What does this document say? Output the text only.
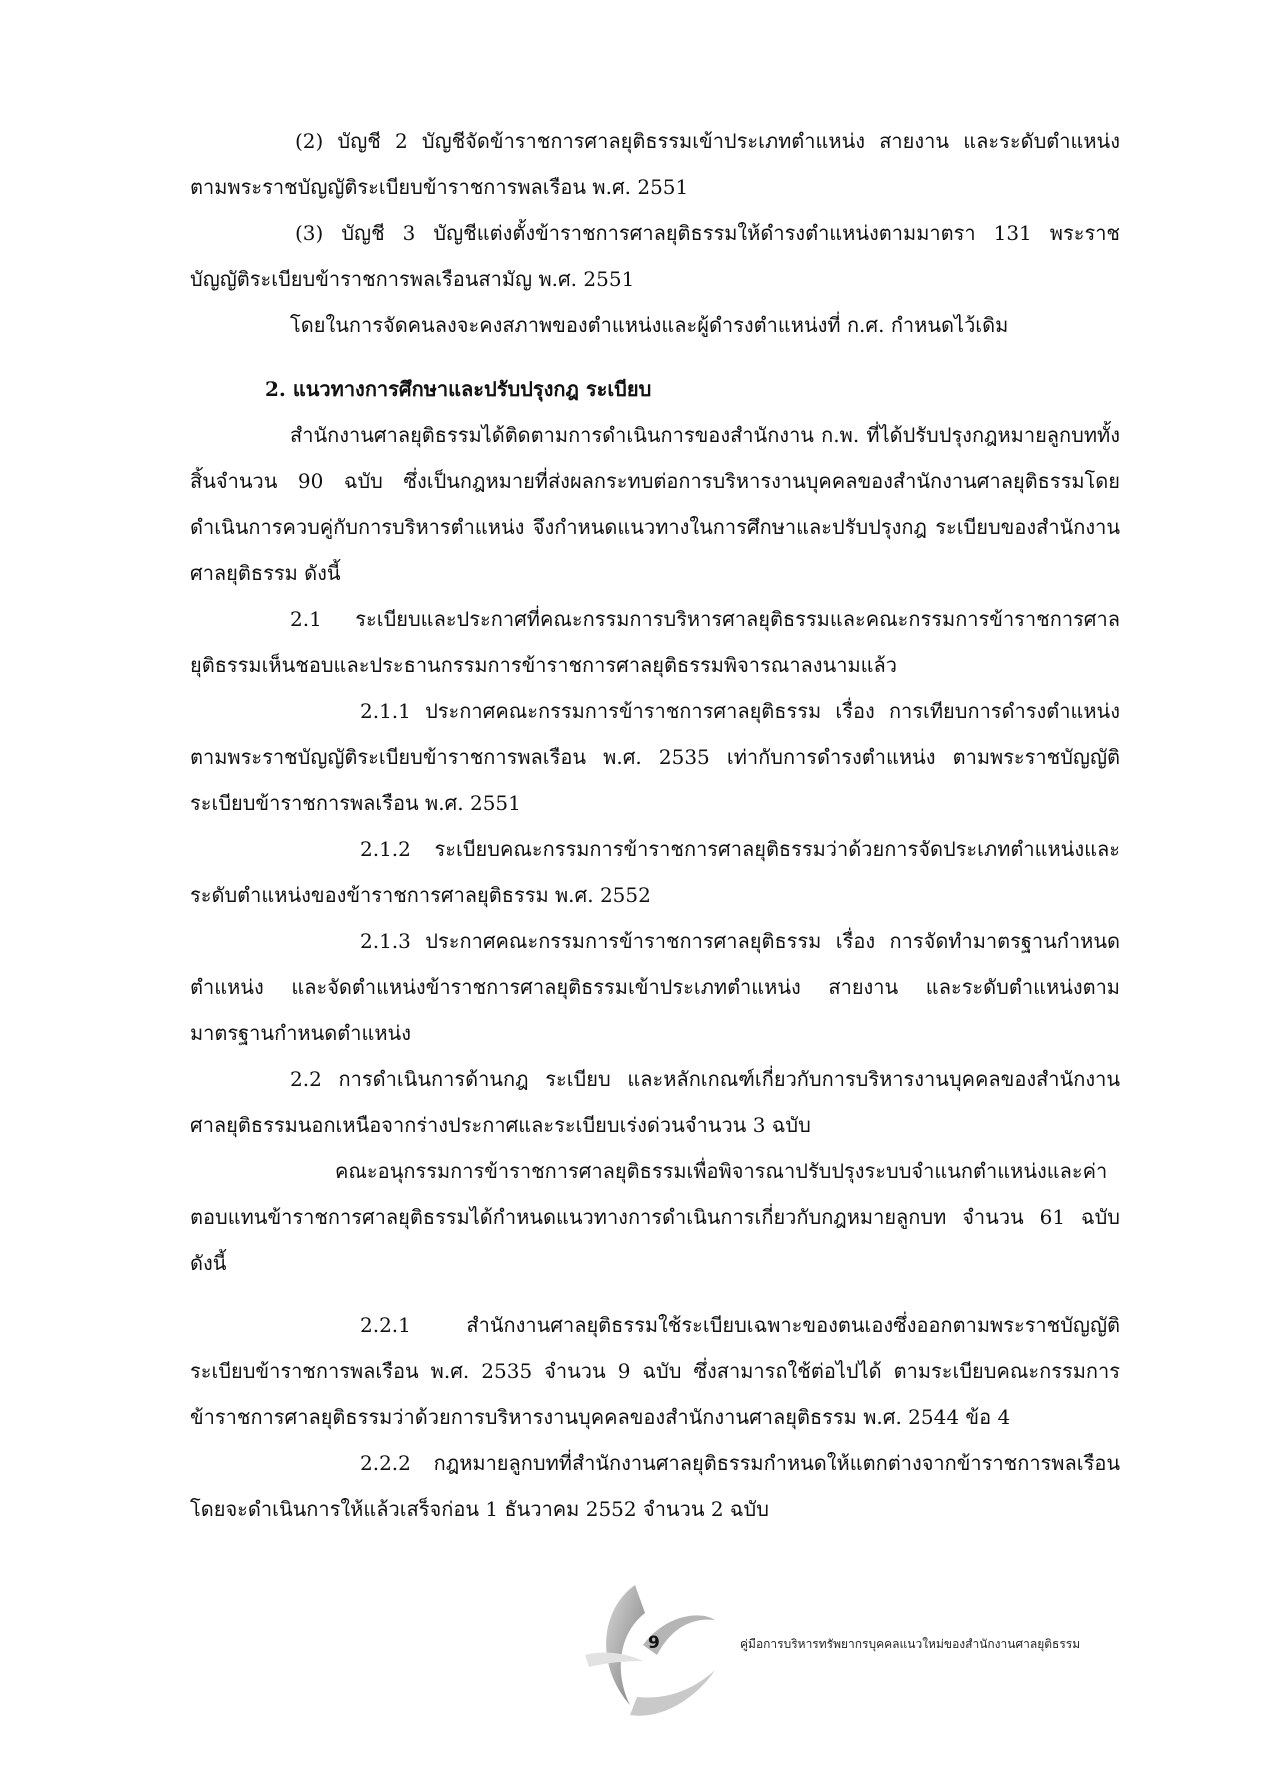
(2) บัญชี 2 บัญชีจัดข้าราชการศาลยุติธรรมเข้าประเภทตำแหน่ง สายงาน และระดับตำแหน่งตามพระราชบัญญัติระเบียบข้าราชการพลเรือน พ.ศ. 2551

(3) บัญชี 3 บัญชีแต่งตั้งข้าราชการศาลยุติธรรมให้ดำรงตำแหน่งตามมาตรา 131 พระราชบัญญัติระเบียบข้าราชการพลเรือนสามัญ พ.ศ. 2551

โดยในการจัดคนลงจะคงสภาพของตำแหน่งและผู้ดำรงตำแหน่งที่ ก.ศ. กำหนดไว้เดิม

2. แนวทางการศึกษาและปรับปรุงกฎ ระเบียบ

สำนักงานศาลยุติธรรมได้ติดตามการดำเนินการของสำนักงาน ก.พ. ที่ได้ปรับปรุงกฎหมายลูกบททั้งสิ้นจำนวน 90 ฉบับ ซึ่งเป็นกฎหมายที่ส่งผลกระทบต่อการบริหารงานบุคคลของสำนักงานศาลยุติธรรมโดยดำเนินการควบคู่กับการบริหารตำแหน่ง จึงกำหนดแนวทางในการศึกษาและปรับปรุงกฎ ระเบียบของสำนักงานศาลยุติธรรม ดังนี้

2.1 ระเบียบและประกาศที่คณะกรรมการบริหารศาลยุติธรรมและคณะกรรมการข้าราชการศาลยุติธรรมเห็นชอบและประธานกรรมการข้าราชการศาลยุติธรรมพิจารณาลงนามแล้ว

2.1.1 ประกาศคณะกรรมการข้าราชการศาลยุติธรรม เรื่อง การเทียบการดำรงตำแหน่งตามพระราชบัญญัติระเบียบข้าราชการพลเรือน พ.ศ. 2535 เท่ากับการดำรงตำแหน่ง ตามพระราชบัญญัติระเบียบข้าราชการพลเรือน พ.ศ. 2551

2.1.2 ระเบียบคณะกรรมการข้าราชการศาลยุติธรรมว่าด้วยการจัดประเภทตำแหน่งและระดับตำแหน่งของข้าราชการศาลยุติธรรม พ.ศ. 2552

2.1.3 ประกาศคณะกรรมการข้าราชการศาลยุติธรรม เรื่อง การจัดทำมาตรฐานกำหนดตำแหน่ง และจัดตำแหน่งข้าราชการศาลยุติธรรมเข้าประเภทตำแหน่ง สายงาน และระดับตำแหน่งตามมาตรฐานกำหนดตำแหน่ง

2.2 การดำเนินการด้านกฎ ระเบียบ และหลักเกณฑ์เกี่ยวกับการบริหารงานบุคคลของสำนักงานศาลยุติธรรมนอกเหนือจากร่างประกาศและระเบียบเร่งด่วนจำนวน 3 ฉบับ

คณะอนุกรรมการข้าราชการศาลยุติธรรมเพื่อพิจารณาปรับปรุงระบบจำแนกตำแหน่งและค่าตอบแทนข้าราชการศาลยุติธรรมได้กำหนดแนวทางการดำเนินการเกี่ยวกับกฎหมายลูกบท จำนวน 61 ฉบับ ดังนี้

2.2.1 สำนักงานศาลยุติธรรมใช้ระเบียบเฉพาะของตนเองซึ่งออกตามพระราชบัญญัติระเบียบข้าราชการพลเรือน พ.ศ. 2535 จำนวน 9 ฉบับ ซึ่งสามารถใช้ต่อไปได้ ตามระเบียบคณะกรรมการข้าราชการศาลยุติธรรมว่าด้วยการบริหารงานบุคคลของสำนักงานศาลยุติธรรม พ.ศ. 2544 ข้อ 4

2.2.2 กฎหมายลูกบทที่สำนักงานศาลยุติธรรมกำหนดให้แตกต่างจากข้าราชการพลเรือนโดยจะดำเนินการให้แล้วเสร็จก่อน 1 ธันวาคม 2552 จำนวน 2 ฉบับ

9	คู่มือการบริหารทรัพยากรบุคคลแนวใหม่ของสำนักงานศาลยุติธรรม
